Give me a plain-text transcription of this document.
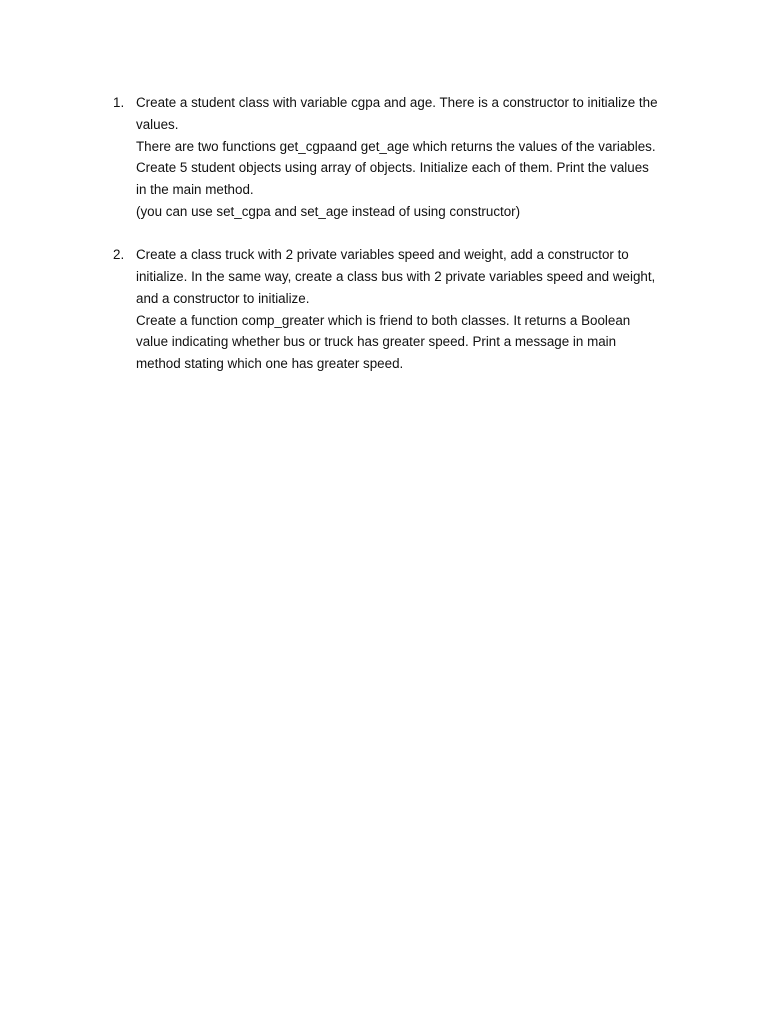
1. Create a student class with variable cgpa and age. There is a constructor to initialize the
values.
There are two functions get_cgpaand get_age which returns the values of the variables.
Create 5 student objects using array of objects. Initialize each of them. Print the values
in the main method.
(you can use set_cgpa and set_age instead of using constructor)
2. Create a class truck with 2 private variables speed and weight, add a constructor to
initialize. In the same way, create a class bus with 2 private variables speed and weight,
and a constructor to initialize.
Create a function comp_greater which is friend to both classes. It returns a Boolean
value indicating whether bus or truck has greater speed. Print a message in main
method stating which one has greater speed.
